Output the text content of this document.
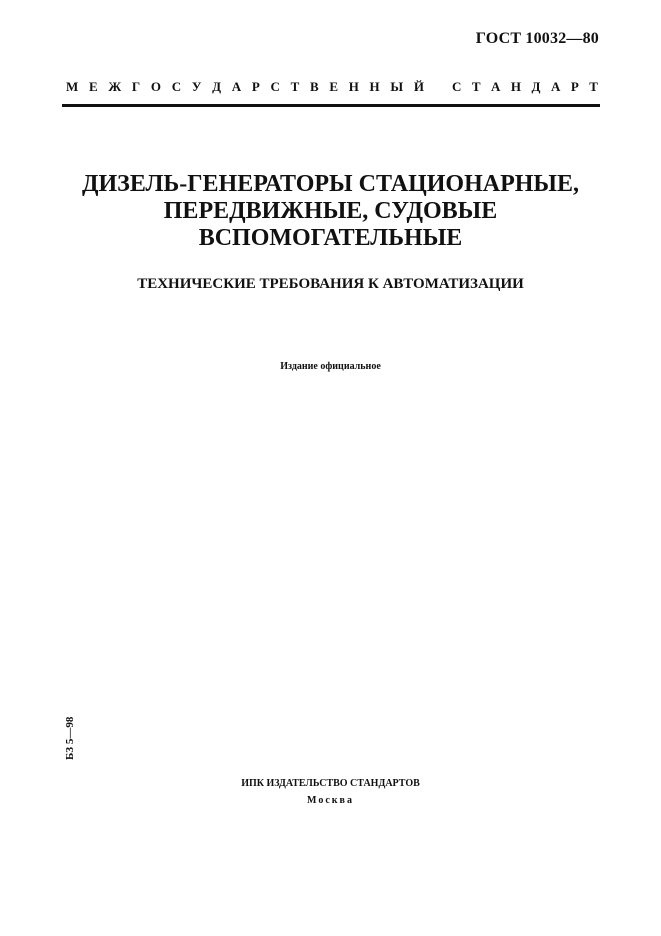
ГОСТ 10032—80
М Е Ж Г О С У Д А Р С Т В Е Н Н Ы Й С Т А Н Д А Р Т
ДИЗЕЛЬ-ГЕНЕРАТОРЫ СТАЦИОНАРНЫЕ,
ПЕРЕДВИЖНЫЕ, СУДОВЫЕ
ВСПОМОГАТЕЛЬНЫЕ
ТЕХНИЧЕСКИЕ ТРЕБОВАНИЯ К АВТОМАТИЗАЦИИ
Издание официальное
БЗ 5—98
ИПК ИЗДАТЕЛЬСТВО СТАНДАРТОВ
Москва
